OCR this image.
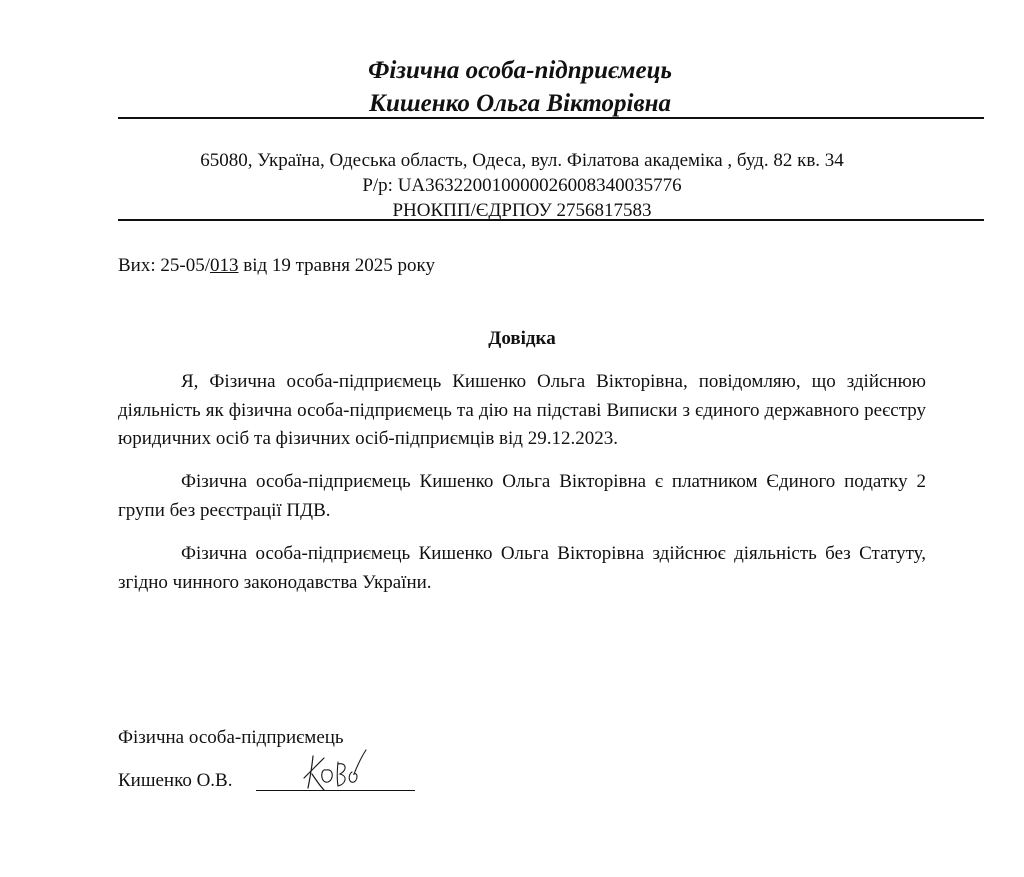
Фізична особа-підприємець
Кишенко Ольга Вікторівна
65080, Україна, Одеська область, Одеса, вул. Філатова академіка , буд. 82 кв. 34
Р/р: UA363220010000026008340035776
РНОКПП/ЄДРПОУ 2756817583
Вих: 25-05/013 від 19 травня 2025 року
Довідка
Я, Фізична особа-підприємець Кишенко Ольга Вікторівна, повідомляю, що здійснюю діяльність як фізична особа-підприємець та дію на підставі Виписки з єдиного державного реєстру юридичних осіб та фізичних осіб-підприємців від 29.12.2023.
Фізична особа-підприємець Кишенко Ольга Вікторівна є платником Єдиного податку 2 групи без реєстрації ПДВ.
Фізична особа-підприємець Кишенко Ольга Вікторівна здійснює діяльність без Статуту, згідно чинного законодавства України.
Фізична особа-підприємець
Кишенко О.В.
